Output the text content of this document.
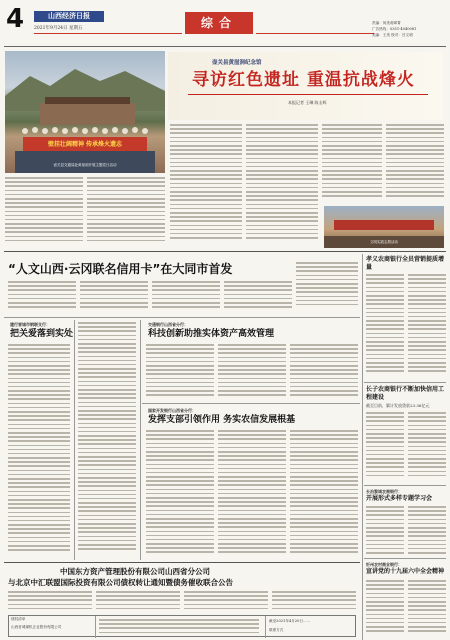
4	山西经济日报
2021年9月24日 星期五	综合	责编：何美莉翠菁
广告热线：0351-4040081
美编：王美 校对：吕文明
壁挂壮阔精神 传承烽火遗志
壶关县交通局赴黄崖洞开展主题党日活动
壶关县黄崖洞纪念馆
寻访红色遗址 重温抗战烽火
本报记者 王琳 陈圭辉
文明实践志愿活动
“人文山西·云冈联名信用卡”在大同市首发
建行晋城市钢联支行：
把关爱落到实处
交通银行山西省分行：
科技创新助推实体资产高效管理
国家开发银行山西省分行：
发挥支部引领作用 务实农信发展根基
孝义农商银行全员营销提质增量
长子农商银行不断加快信用工程建设
截至目前，累计发放贷款23.36亿元
长治黎城农商银行：
开展形式多样专题学习会
忻州农村商业银行：
宣讲党的十九届六中全会精神
中国东方资产管理股份有限公司山西省分公司
与北京中汇联盟国际投资有限公司债权转让通知暨债务催收联合公告
债权清单
山西晋城煤机正业股份有限公司
截至2021年4月20日……
联系方式
